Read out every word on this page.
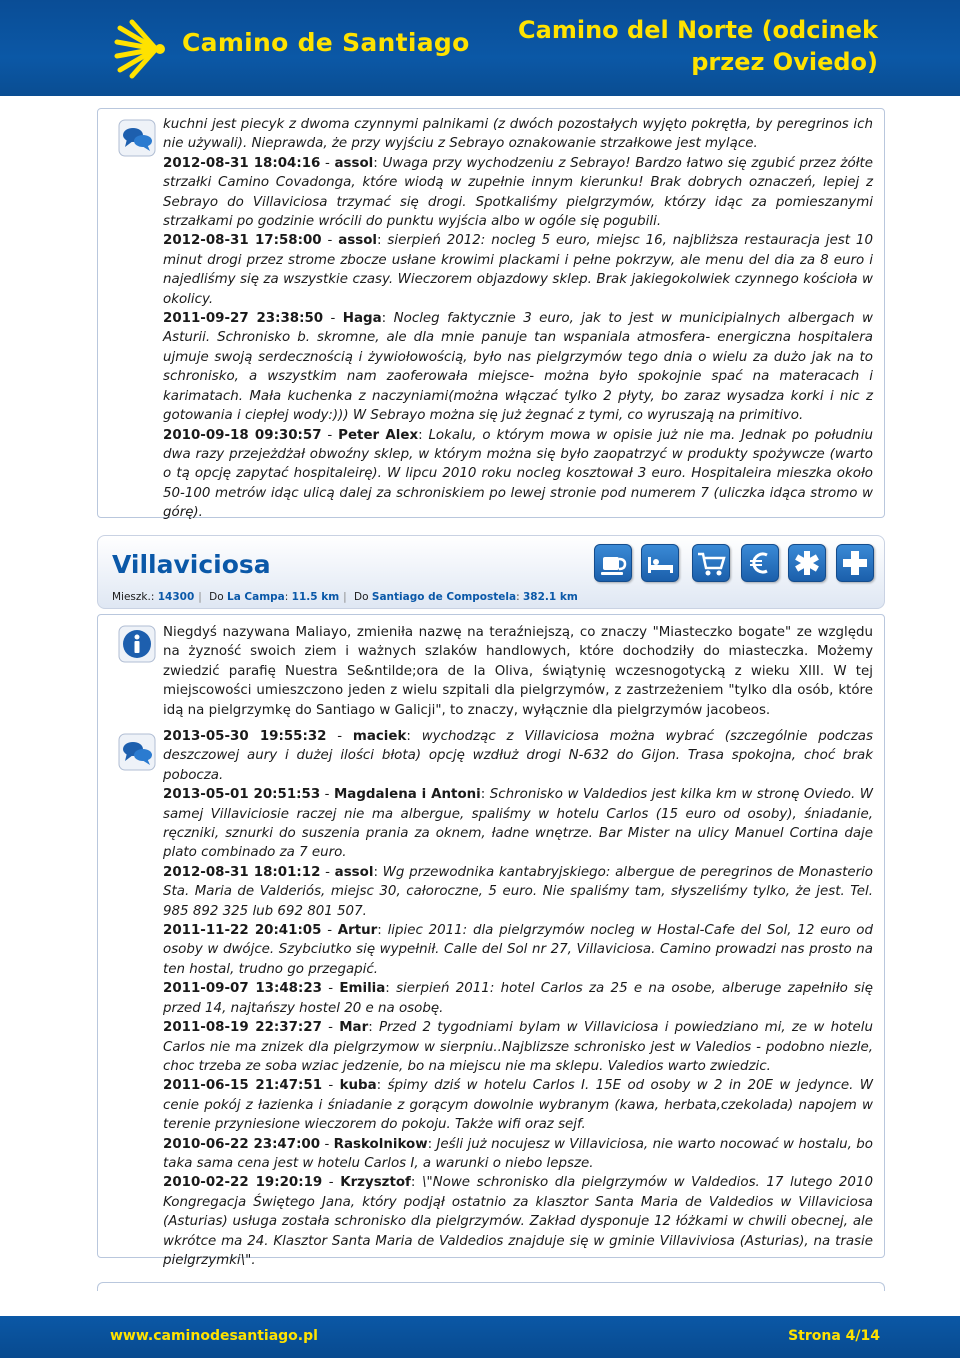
Camino de Santiago Camino del Norte (odcinek
przez Oviedo)

kuchni jest piecyk z dwoma czynnymi palnikami (z dwóch pozostałych wyjęto pokrętła, by peregrinos ich nie używali). Nieprawda, że przy wyjściu z Sebrayo oznakowanie strzałkowe jest mylące.

2012-08-31 18:04:16 - assol: Uwaga przy wychodzeniu z Sebrayo! Bardzo łatwo się zgubić przez żółte strzałki Camino Covadonga, które wiodą w zupełnie innym kierunku! Brak dobrych oznaczeń, lepiej z Sebrayo do Villaviciosa trzymać się drogi. Spotkaliśmy pielgrzymów, którzy idąc za pomieszanymi strzałkami po godzinie wrócili do punktu wyjścia albo w ogóle się pogubili.

2012-08-31 17:58:00 - assol: sierpień 2012: nocleg 5 euro, miejsc 16, najbliższa restauracja jest 10 minut drogi przez strome zbocze usłane krowimi plackami i pełne pokrzyw, ale menu del dia za 8 euro i najedliśmy się za wszystkie czasy. Wieczorem objazdowy sklep. Brak jakiegokolwiek czynnego kościoła w okolicy.

2011-09-27 23:38:50 - Haga: Nocleg faktycznie 3 euro, jak to jest w municipialnych albergach w Asturii. Schronisko b. skromne, ale dla mnie panuje tan wspaniala atmosfera- energiczna hospitalera ujmuje swoją serdecznością i żywiołowością, było nas pielgrzymów tego dnia o wielu za dużo jak na to schronisko, a wszystkim nam zaoferowała miejsce- można było spokojnie spać na materacach i karimatach. Mała kuchenka z naczyniami(można włączać tylko 2 płyty, bo zaraz wysadza korki i nic z gotowania i ciepłej wody:))) W Sebrayo można się już żegnać z tymi, co wyruszają na primitivo.

2010-09-18 09:30:57 - Peter Alex: Lokalu, o którym mowa w opisie już nie ma. Jednak po południu dwa razy przejeżdżał obwoźny sklep, w którym można się było zaopatrzyć w produkty spożywcze (warto o tą opcję zapytać hospitaleirę). W lipcu 2010 roku nocleg kosztował 3 euro. Hospitaleira mieszka około 50-100 metrów idąc ulicą dalej za schroniskiem po lewej stronie pod numerem 7 (uliczka idąca stromo w górę).

Villaviciosa
Mieszk.: 14300 | Do La Campa: 11.5 km | Do Santiago de Compostela: 382.1 km
Niegdyś nazywana Maliayo, zmieniła nazwę na teraźniejszą, co znaczy "Miasteczko bogate" ze względu na żyzność swoich ziem i ważnych szlaków handlowych, które dochodziły do miasteczka. Możemy zwiedzić parafię Nuestra Se&ntilde;ora de la Oliva, świątynię wczesnogotycką z wieku XIII. W tej miejscowości umieszczono jeden z wielu szpitali dla pielgrzymów, z zastrzeżeniem "tylko dla osób, które idą na pielgrzymkę do Santiago w Galicji", to znaczy, wyłącznie dla pielgrzymów jacobeos.

2013-05-30 19:55:32 - maciek: wychodząc z Villaviciosa można wybrać (szczególnie podczas deszczowej aury i dużej ilości błota) opcję wzdłuż drogi N-632 do Gijon. Trasa spokojna, choć brak pobocza.

2013-05-01 20:51:53 - Magdalena i Antoni: Schronisko w Valdedios jest kilka km w stronę Oviedo. W samej Villaviciosie raczej nie ma albergue, spaliśmy w hotelu Carlos (15 euro od osoby), śniadanie, ręczniki, sznurki do suszenia prania za oknem, ładne wnętrze. Bar Mister na ulicy Manuel Cortina daje plato combinado za 7 euro.

2012-08-31 18:01:12 - assol: Wg przewodnika kantabryjskiego: albergue de peregrinos de Monasterio Sta. Maria de Valderiós, miejsc 30, całoroczne, 5 euro. Nie spaliśmy tam, słyszeliśmy tylko, że jest. Tel. 985 892 325 lub 692 801 507.

2011-11-22 20:41:05 - Artur: lipiec 2011: dla pielgrzymów nocleg w Hostal-Cafe del Sol, 12 euro od osoby w dwójce. Szybciutko się wypełnił. Calle del Sol nr 27, Villaviciosa. Camino prowadzi nas prosto na ten hostal, trudno go przegapić.

2011-09-07 13:48:23 - Emilia: sierpień 2011: hotel Carlos za 25 e na osobe, alberuge zapełniło się przed 14, najtańszy hostel 20 e na osobę.

2011-08-19 22:37:27 - Mar: Przed 2 tygodniami bylam w Villaviciosa i powiedziano mi, ze w hotelu Carlos nie ma znizek dla pielgrzymow w sierpniu..Najblizsze schronisko jest w Valedios - podobno niezle, choc trzeba ze soba wziac jedzenie, bo na miejscu nie ma sklepu. Valedios warto zwiedzic.

2011-06-15 21:47:51 - kuba: śpimy dziś w hotelu Carlos I. 15E od osoby w 2 in 20E w jedynce. W cenie pokój z łazienka i śniadanie z gorącym dowolnie wybranym (kawa, herbata,czekolada) napojem w terenie przyniesione wieczorem do pokoju. Także wifi oraz sejf.

2010-06-22 23:47:00 - Raskolnikow: Jeśli już nocujesz w Villaviciosa, nie warto nocować w hostalu, bo taka sama cena jest w hotelu Carlos I, a warunki o niebo lepsze.

2010-02-22 19:20:19 - Krzysztof: \"Nowe schronisko dla pielgrzymów w Valdedios. 17 lutego 2010 Kongregacja Świętego Jana, który podjął ostatnio za klasztor Santa Maria de Valdedios w Villaviciosa (Asturias) usługa została schronisko dla pielgrzymów. Zakład dysponuje 12 łóżkami w chwili obecnej, ale wkrótce ma 24. Klasztor Santa Maria de Valdedios znajduje się w gminie Villaviviosa (Asturias), na trasie pielgrzymki\".

www.caminodesantiago.pl	Strona 4/14
